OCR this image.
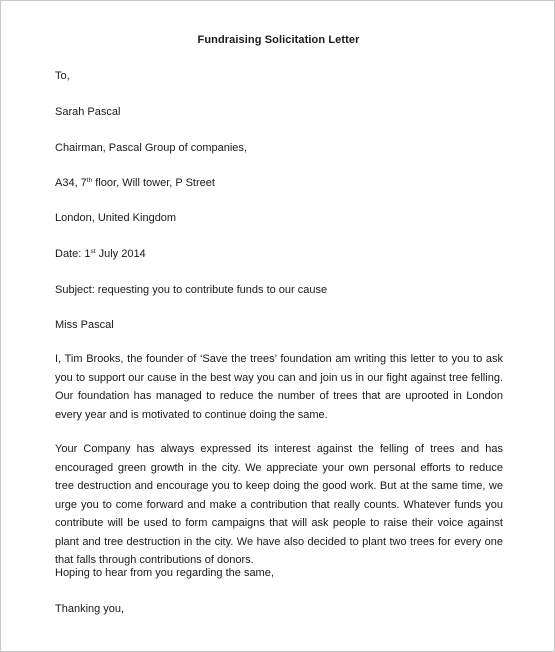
Fundraising Solicitation Letter
To,
Sarah Pascal
Chairman, Pascal Group of companies,
A34, 7th floor, Will tower, P Street
London, United Kingdom
Date: 1st July 2014
Subject: requesting you to contribute funds to our cause
Miss Pascal
I, Tim Brooks, the founder of ‘Save the trees’ foundation am writing this letter to you to ask you to support our cause in the best way you can and join us in our fight against tree felling. Our foundation has managed to reduce the number of trees that are uprooted in London every year and is motivated to continue doing the same.
Your Company has always expressed its interest against the felling of trees and has encouraged green growth in the city. We appreciate your own personal efforts to reduce tree destruction and encourage you to keep doing the good work. But at the same time, we urge you to come forward and make a contribution that really counts. Whatever funds you contribute will be used to form campaigns that will ask people to raise their voice against plant and tree destruction in the city. We have also decided to plant two trees for every one that falls through contributions of donors.
Hoping to hear from you regarding the same,
Thanking you,
